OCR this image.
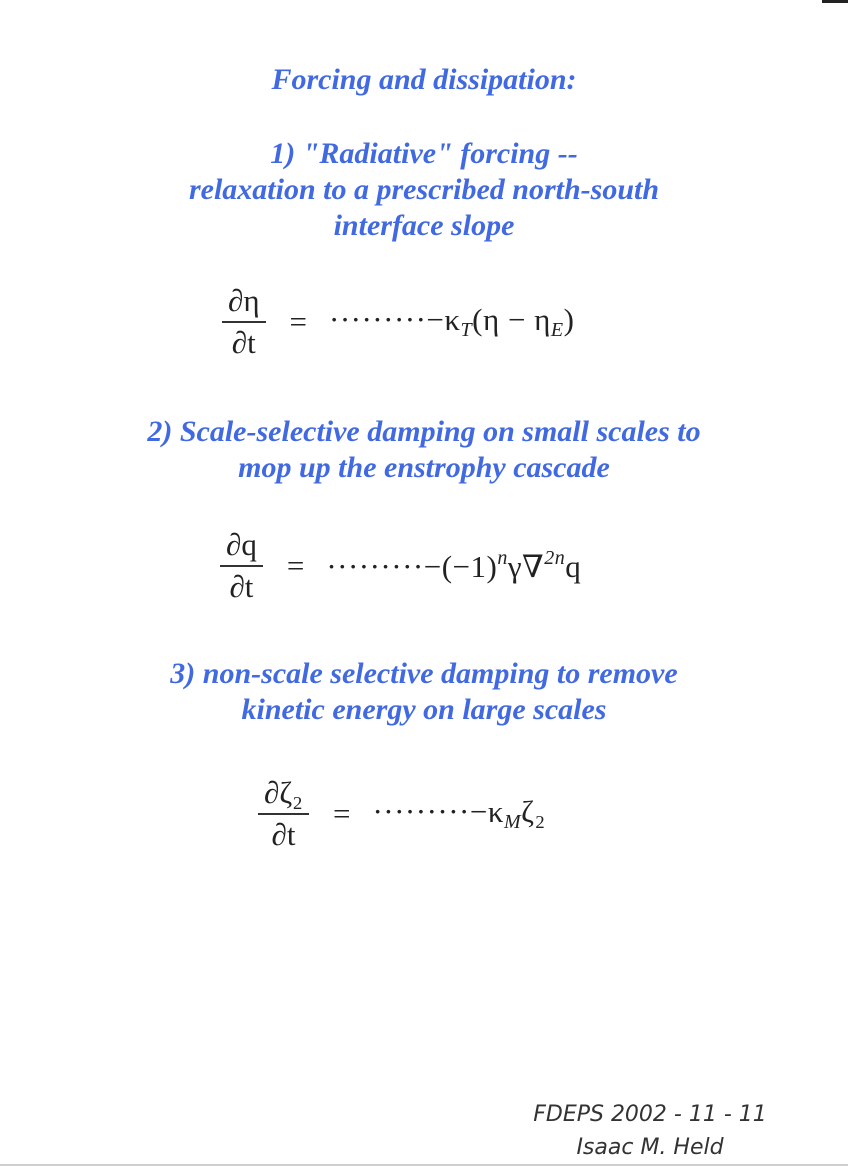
Forcing and dissipation:
1) "Radiative" forcing --
relaxation to a prescribed north-south
interface slope
$\frac{\partial\eta}{\partial t} = \cdot\cdot\cdot\cdot\cdot\cdot\cdot\cdot\cdot-\kappa_T(\eta - \eta_E)$
2) Scale-selective damping on small scales to
mop up the enstrophy cascade
$\frac{\partial q}{\partial t} = \cdot\cdot\cdot\cdot\cdot\cdot\cdot\cdot\cdot-(-1)^n\gamma\nabla^{2n}q$
3) non-scale selective damping to remove
kinetic energy on large scales
$\frac{\text{∂ζ₂}}{\partial t} = \cdot\cdot\cdot\cdot\cdot\cdot\cdot\cdot\cdot-\kappa_M\zeta_2$
FDEPS 2002 - 11 - 11
Isaac M. Held
